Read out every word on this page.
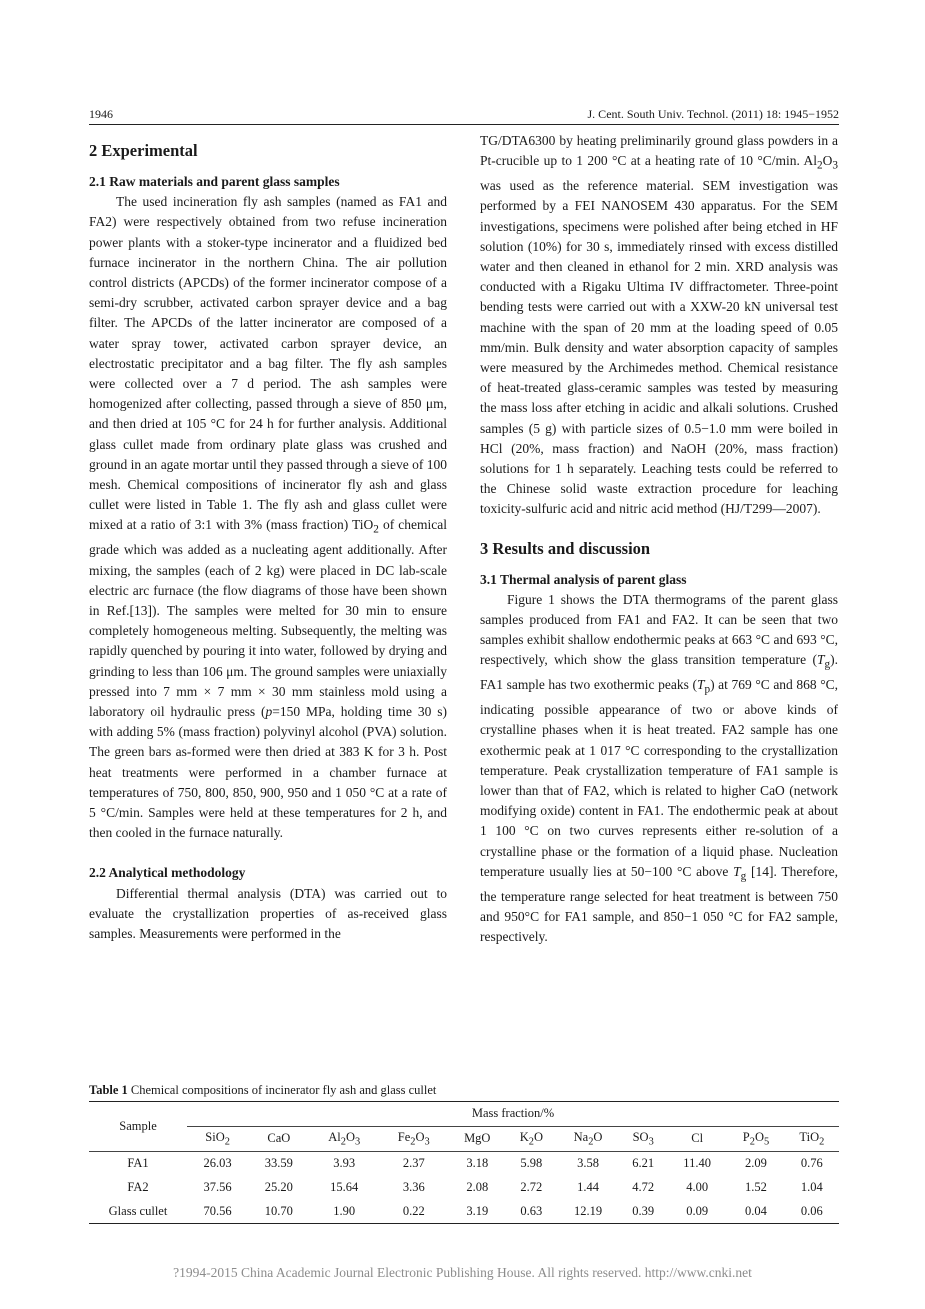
1946	J. Cent. South Univ. Technol. (2011) 18: 1945−1952
2 Experimental
2.1 Raw materials and parent glass samples

The used incineration fly ash samples (named as FA1 and FA2) were respectively obtained from two refuse incineration power plants with a stoker-type incinerator and a fluidized bed furnace incinerator in the northern China. The air pollution control districts (APCDs) of the former incinerator compose of a semi-dry scrubber, activated carbon sprayer device and a bag filter. The APCDs of the latter incinerator are composed of a water spray tower, activated carbon sprayer device, an electrostatic precipitator and a bag filter. The fly ash samples were collected over a 7 d period. The ash samples were homogenized after collecting, passed through a sieve of 850 μm, and then dried at 105 °C for 24 h for further analysis. Additional glass cullet made from ordinary plate glass was crushed and ground in an agate mortar until they passed through a sieve of 100 mesh. Chemical compositions of incinerator fly ash and glass cullet were listed in Table 1. The fly ash and glass cullet were mixed at a ratio of 3:1 with 3% (mass fraction) TiO$_2$ of chemical grade which was added as a nucleating agent additionally. After mixing, the samples (each of 2 kg) were placed in DC lab-scale electric arc furnace (the flow diagrams of those have been shown in Ref.[13]). The samples were melted for 30 min to ensure completely homogeneous melting. Subsequently, the melting was rapidly quenched by pouring it into water, followed by drying and grinding to less than 106 μm. The ground samples were uniaxially pressed into 7 mm × 7 mm × 30 mm stainless mold using a laboratory oil hydraulic press (p=150 MPa, holding time 30 s) with adding 5% (mass fraction) polyvinyl alcohol (PVA) solution. The green bars as-formed were then dried at 383 K for 3 h. Post heat treatments were performed in a chamber furnace at temperatures of 750, 800, 850, 900, 950 and 1 050 °C at a rate of 5 °C/min. Samples were held at these temperatures for 2 h, and then cooled in the furnace naturally.

2.2 Analytical methodology

Differential thermal analysis (DTA) was carried out to evaluate the crystallization properties of as-received glass samples. Measurements were performed in the

TG/DTA6300 by heating preliminarily ground glass powders in a Pt-crucible up to 1 200 °C at a heating rate of 10 °C/min. $Al_2O_3$ was used as the reference material. SEM investigation was performed by a FEI NANOSEM 430 apparatus. For the SEM investigations, specimens were polished after being etched in HF solution (10%) for 30 s, immediately rinsed with excess distilled water and then cleaned in ethanol for 2 min. XRD analysis was conducted with a Rigaku Ultima IV diffractometer. Three-point bending tests were carried out with a XXW-20 kN universal test machine with the span of 20 mm at the loading speed of 0.05 mm/min. Bulk density and water absorption capacity of samples were measured by the Archimedes method. Chemical resistance of heat-treated glass-ceramic samples was tested by measuring the mass loss after etching in acidic and alkali solutions. Crushed samples (5 g) with particle sizes of 0.5−1.0 mm were boiled in HCl (20%, mass fraction) and NaOH (20%, mass fraction) solutions for 1 h separately. Leaching tests could be referred to the Chinese solid waste extraction procedure for leaching toxicity-sulfuric acid and nitric acid method (HJ/T299—2007).

3 Results and discussion
3.1 Thermal analysis of parent glass

Figure 1 shows the DTA thermograms of the parent glass samples produced from FA1 and FA2. It can be seen that two samples exhibit shallow endothermic peaks at 663 °C and 693 °C, respectively, which show the glass transition temperature $(T_g)$. FA1 sample has two exothermic peaks $(T_p)$ at 769 °C and 868 °C, indicating possible appearance of two or above kinds of crystalline phases when it is heat treated. FA2 sample has one exothermic peak at 1 017 °C corresponding to the crystallization temperature. Peak crystallization temperature of FA1 sample is lower than that of FA2, which is related to higher CaO (network modifying oxide) content in FA1. The endothermic peak at about 1 100 °C on two curves represents either re-solution of a crystalline phase or the formation of a liquid phase. Nucleation temperature usually lies at 50−100 °C above $T_g$ [14]. Therefore, the temperature range selected for heat treatment is between 750 and 950°C for FA1 sample, and 850−1 050 °C for FA2 sample, respectively.

Table 1 Chemical compositions of incinerator fly ash and glass cullet
Sample	Mass fraction/%										
	SiO$_2$	CaO	$Al_2O_3$	$Fe_2O_3$	MgO	$K_2O$	$Na_2O$	$SO_3$	Cl	$P_2O_5$	TiO$_2$
FA1	26.03	33.59	3.93	2.37	3.18	5.98	3.58	6.21	11.40	2.09	0.76
FA2	37.56	25.20	15.64	3.36	2.08	2.72	1.44	4.72	4.00	1.52	1.04
Glass cullet	70.56	10.70	1.90	0.22	3.19	0.63	12.19	0.39	0.09	0.04	0.06
?1994-2015 China Academic Journal Electronic Publishing House. All rights reserved. http://www.cnki.net
